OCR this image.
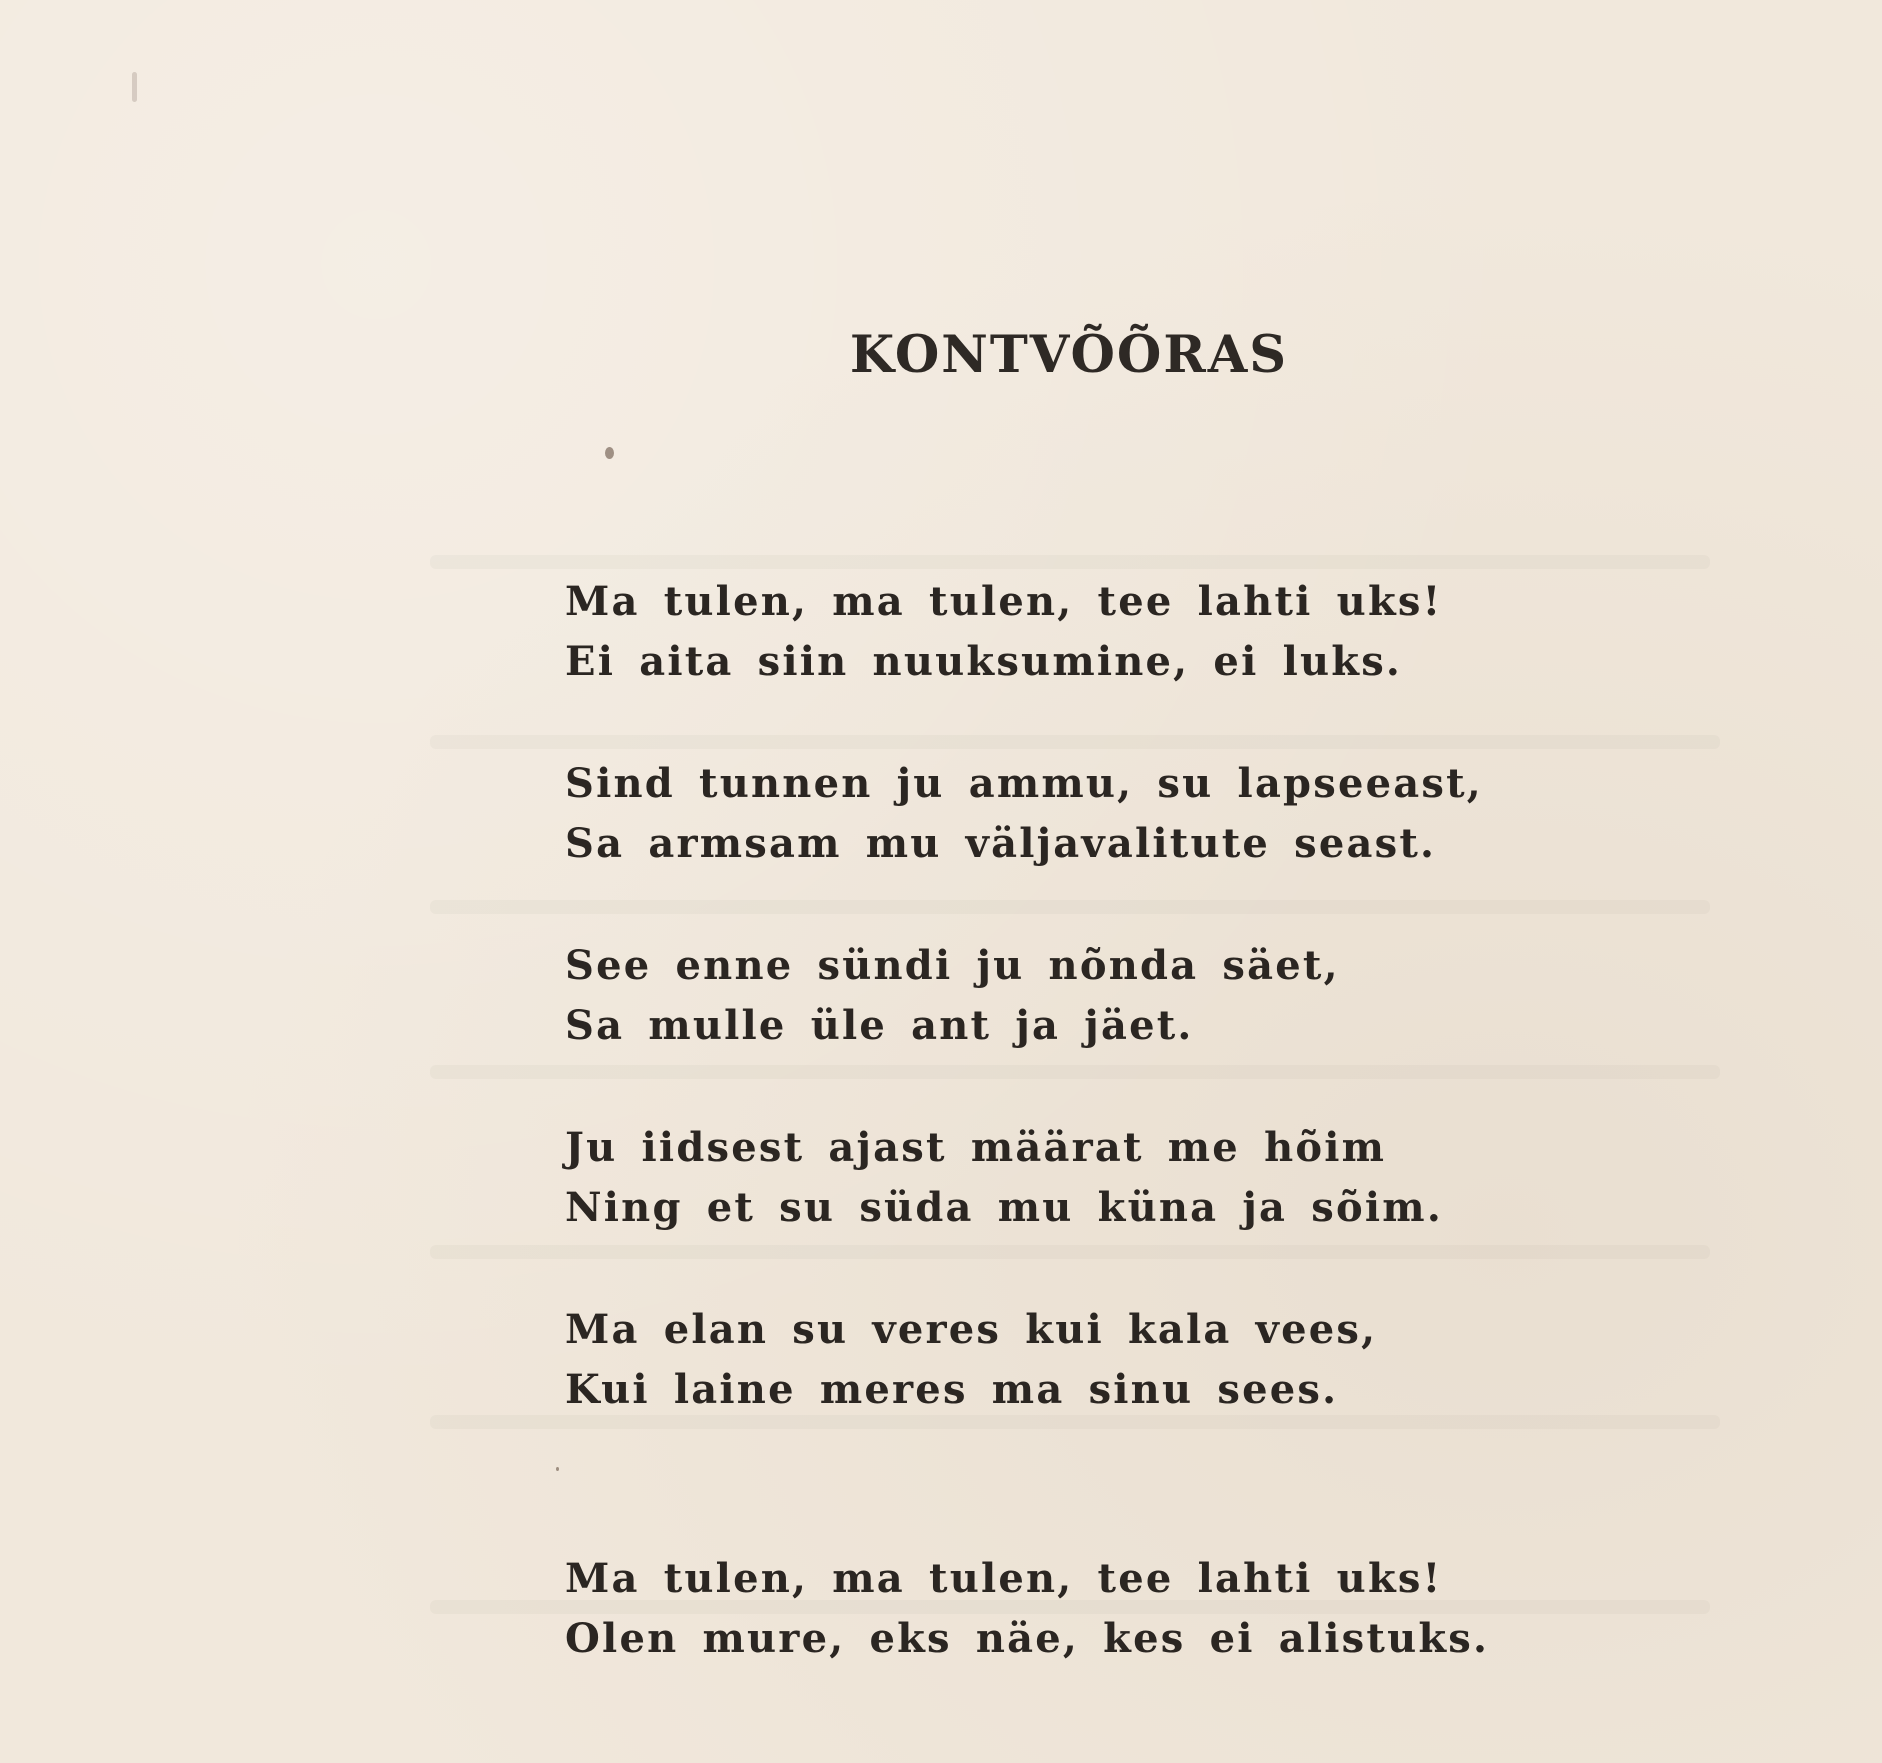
KONTVÕÕRAS
Ma tulen, ma tulen, tee lahti uks!
Ei aita siin nuuksumine, ei luks.
Sind tunnen ju ammu, su lapseeast,
Sa armsam mu väljavalitute seast.
See enne sündi ju nõnda säet,
Sa mulle üle ant ja jäet.
Ju iidsest ajast määrat me hõim
Ning et su süda mu küna ja sõim.
Ma elan su veres kui kala vees,
Kui laine meres ma sinu sees.
Ma tulen, ma tulen, tee lahti uks!
Olen mure, eks näe, kes ei alistuks.
